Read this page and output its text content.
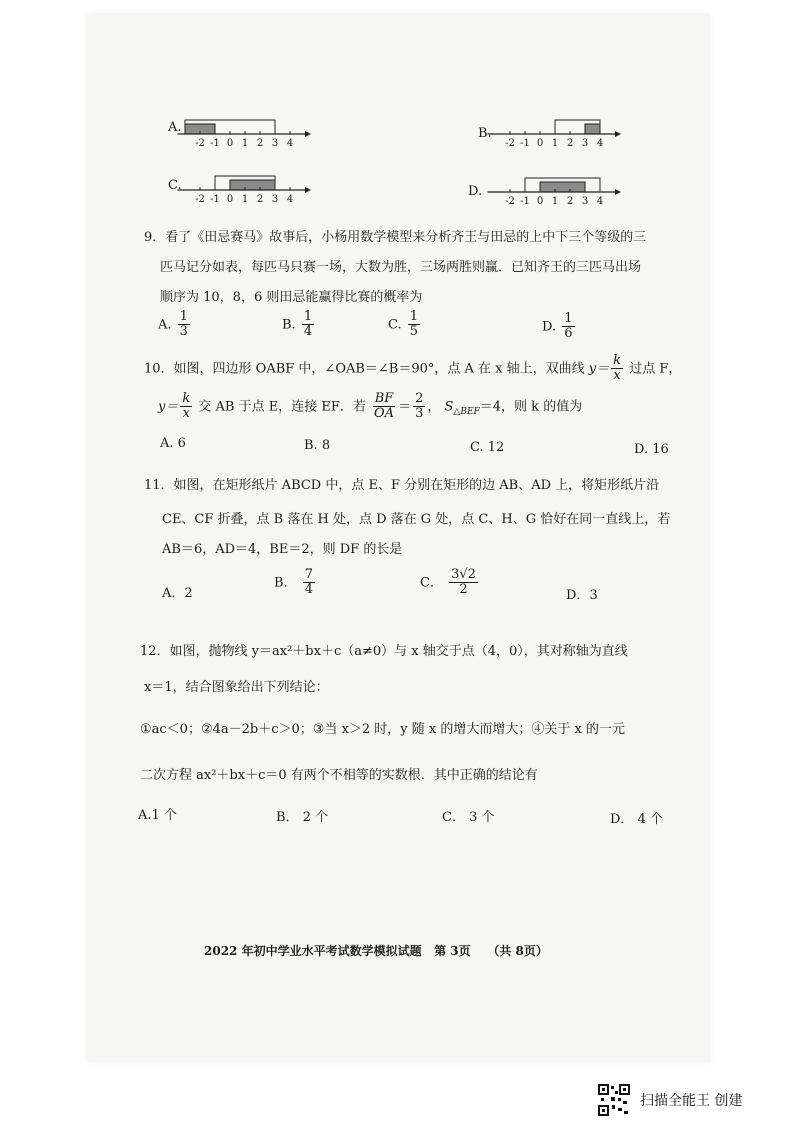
A.
-2 -1 0 1 2 3 4
B.
-2 -1 0 1 2 3 4
C.
-2 -1 0 1 2 3 4
D.
-2 -1 0 1 2 3 4
9．看了《田忌赛马》故事后，小杨用数学模型来分析齐王与田忌的上中下三个等级的三
匹马记分如表，每匹马只赛一场，大数为胜，三场两胜则赢．已知齐王的三匹马出场
顺序为 10，8，6 则田忌能赢得比赛的概率为
A. $\frac{1}{3}$	B. $\frac{1}{4}$	C. $\frac{1}{5}$	D. $\frac{1}{6}$
10．如图，四边形 OABF 中，∠OAB＝∠B＝90°，点 A 在 x 轴上，双曲线 $y= \frac{k}{x}$ 过点 F，
$y= \frac{k}{x}$ 交 AB 于点 E，连接 EF．若 $\frac{BF}{OA} = \frac{2}{3}$ ， $S_{\triangle BEF}=4$，则 k 的值为
A. 6	B. 8	C. 12	D. 16
11．如图，在矩形纸片 ABCD 中，点 E、F 分别在矩形的边 AB、AD 上，将矩形纸片沿
CE、CF 折叠，点 B 落在 H 处，点 D 落在 G 处，点 C、H、G 恰好在同一直线上，若
AB＝6，AD＝4，BE＝2，则 DF 的长是
A．2
B． $\frac{7}{4}$	C． $\frac{3√2}{2}$	D．3
12．如图，抛物线 y＝ax²＋bx＋c（a≠0）与 x 轴交于点（4，0），其对称轴为直线
x＝1，结合图象给出下列结论：
①ac＜0；②4a－2b＋c＞0；③当 x＞2 时，y 随 x 的增大而增大；④关于 x 的一元
二次方程 ax²＋bx＋c＝0 有两个不相等的实数根．其中正确的结论有
A.1 个	B． 2 个	C． 3 个	D． 4 个
2022 年初中学业水平考试数学模拟试题 第 3页 （共 8页）
扫描全能王 创建
